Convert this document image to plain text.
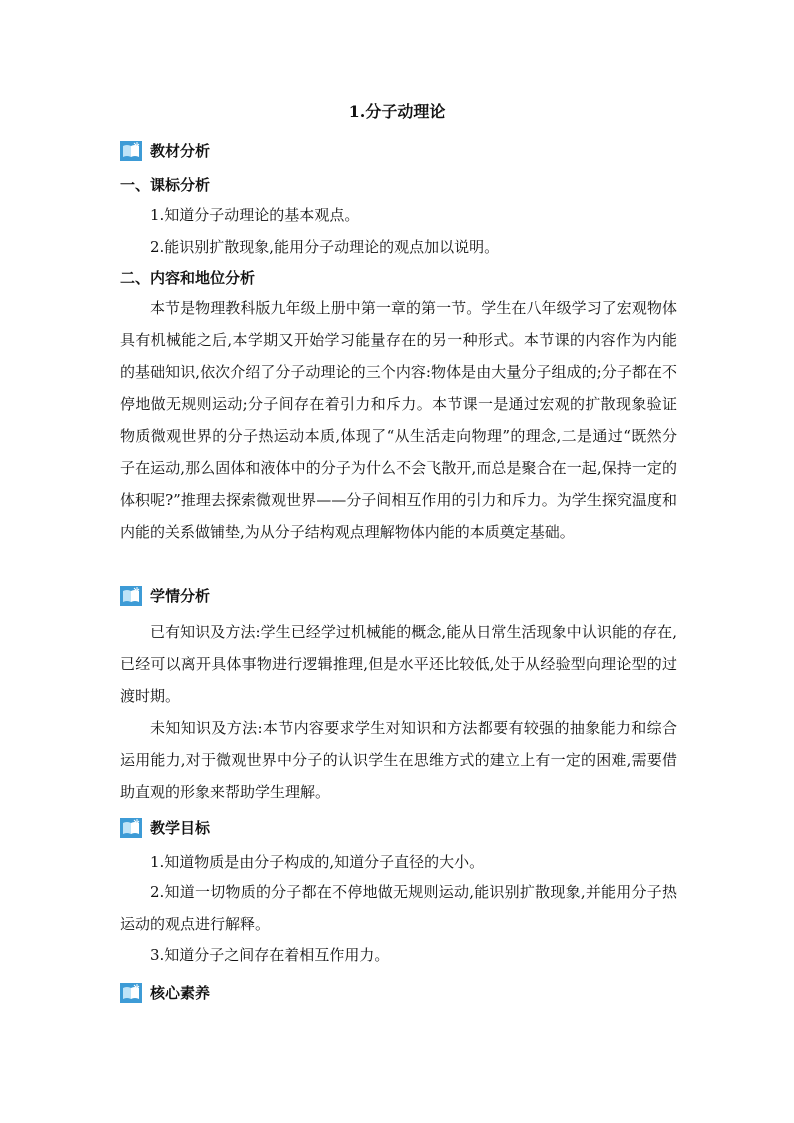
1.分子动理论
教材分析
一、课标分析
1.知道分子动理论的基本观点。
2.能识别扩散现象,能用分子动理论的观点加以说明。
二、内容和地位分析
本节是物理教科版九年级上册中第一章的第一节。学生在八年级学习了宏观物体具有机械能之后,本学期又开始学习能量存在的另一种形式。本节课的内容作为内能的基础知识,依次介绍了分子动理论的三个内容:物体是由大量分子组成的;分子都在不停地做无规则运动;分子间存在着引力和斥力。本节课一是通过宏观的扩散现象验证物质微观世界的分子热运动本质,体现了“从生活走向物理”的理念,二是通过“既然分子在运动,那么固体和液体中的分子为什么不会飞散开,而总是聚合在一起,保持一定的体积呢?”推理去探索微观世界——分子间相互作用的引力和斥力。为学生探究温度和内能的关系做铺垫,为从分子结构观点理解物体内能的本质奠定基础。
学情分析
已有知识及方法:学生已经学过机械能的概念,能从日常生活现象中认识能的存在,已经可以离开具体事物进行逻辑推理,但是水平还比较低,处于从经验型向理论型的过渡时期。
未知知识及方法:本节内容要求学生对知识和方法都要有较强的抽象能力和综合运用能力,对于微观世界中分子的认识学生在思维方式的建立上有一定的困难,需要借助直观的形象来帮助学生理解。
教学目标
1.知道物质是由分子构成的,知道分子直径的大小。
2.知道一切物质的分子都在不停地做无规则运动,能识别扩散现象,并能用分子热运动的观点进行解释。
3.知道分子之间存在着相互作用力。
核心素养
